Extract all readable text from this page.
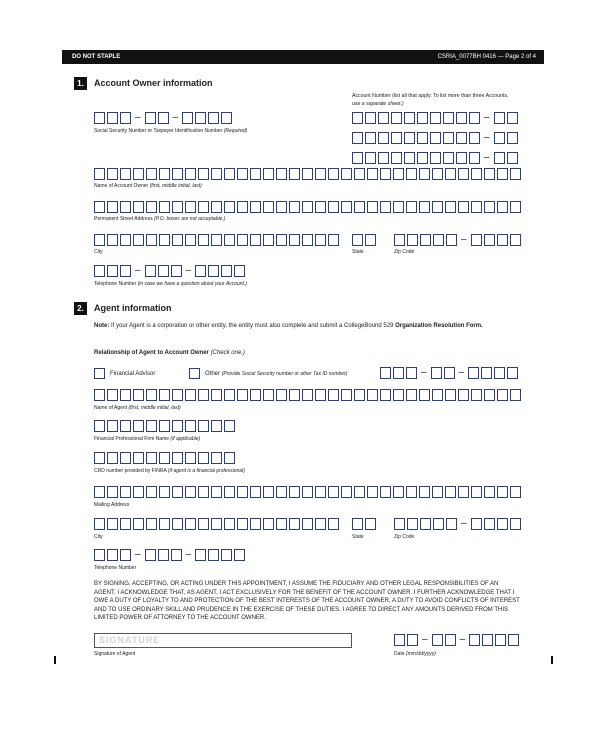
DO NOT STAPLE	CSRIA_0077BH 0416 — Page 2 of 4
1.	Account Owner information
Account Number (list all that apply. To list more than three Accounts,
use a separate sheet.)
–	–
Social Security Number or Taxpayer Identification Number (Required)
–
–
–
Name of Account Owner (first, middle initial, last)
Permanent Street Address (P.O. boxes are not acceptable.)
–
City	State	Zip Code
–	–
Telephone Number (in case we have a question about your Account.)
2.	Agent information
Note: If your Agent is a corporation or other entity, the entity must also complete and submit a CollegeBound 529 Organization Resolution Form.
Relationship of Agent to Account Owner (Check one.)
Financial Advisor	Other (Provide Social Security number or other Tax ID number)	–	–
Name of Agent (first, middle initial, last)
Financial Professional Firm Name (if applicable)
CRD number provided by FINRA (if agent is a financial professional)
Mailing Address
–
City	State	Zip Code
–	–
Telephone Number
BY SIGNING, ACCEPTING, OR ACTING UNDER THIS APPOINTMENT, I ASSUME THE FIDUCIARY AND OTHER LEGAL RESPONSIBILITIES OF AN
AGENT. I ACKNOWLEDGE THAT, AS AGENT, I ACT EXCLUSIVELY FOR THE BENEFIT OF THE ACCOUNT OWNER. I FURTHER ACKNOWLEDGE THAT I
OWE A DUTY OF LOYALTY TO AND PROTECTION OF THE BEST INTERESTS OF THE ACCOUNT OWNER, A DUTY TO AVOID CONFLICTS OF INTEREST
AND TO USE ORDINARY SKILL AND PRUDENCE IN THE EXERCISE OF THESE DUTIES. I AGREE TO DIRECT ANY AMOUNTS DERIVED FROM THIS
LIMITED POWER OF ATTORNEY TO THE ACCOUNT OWNER.
SIGNATURE
Signature of Agent
–	–
Date (mm/dd/yyyy)
